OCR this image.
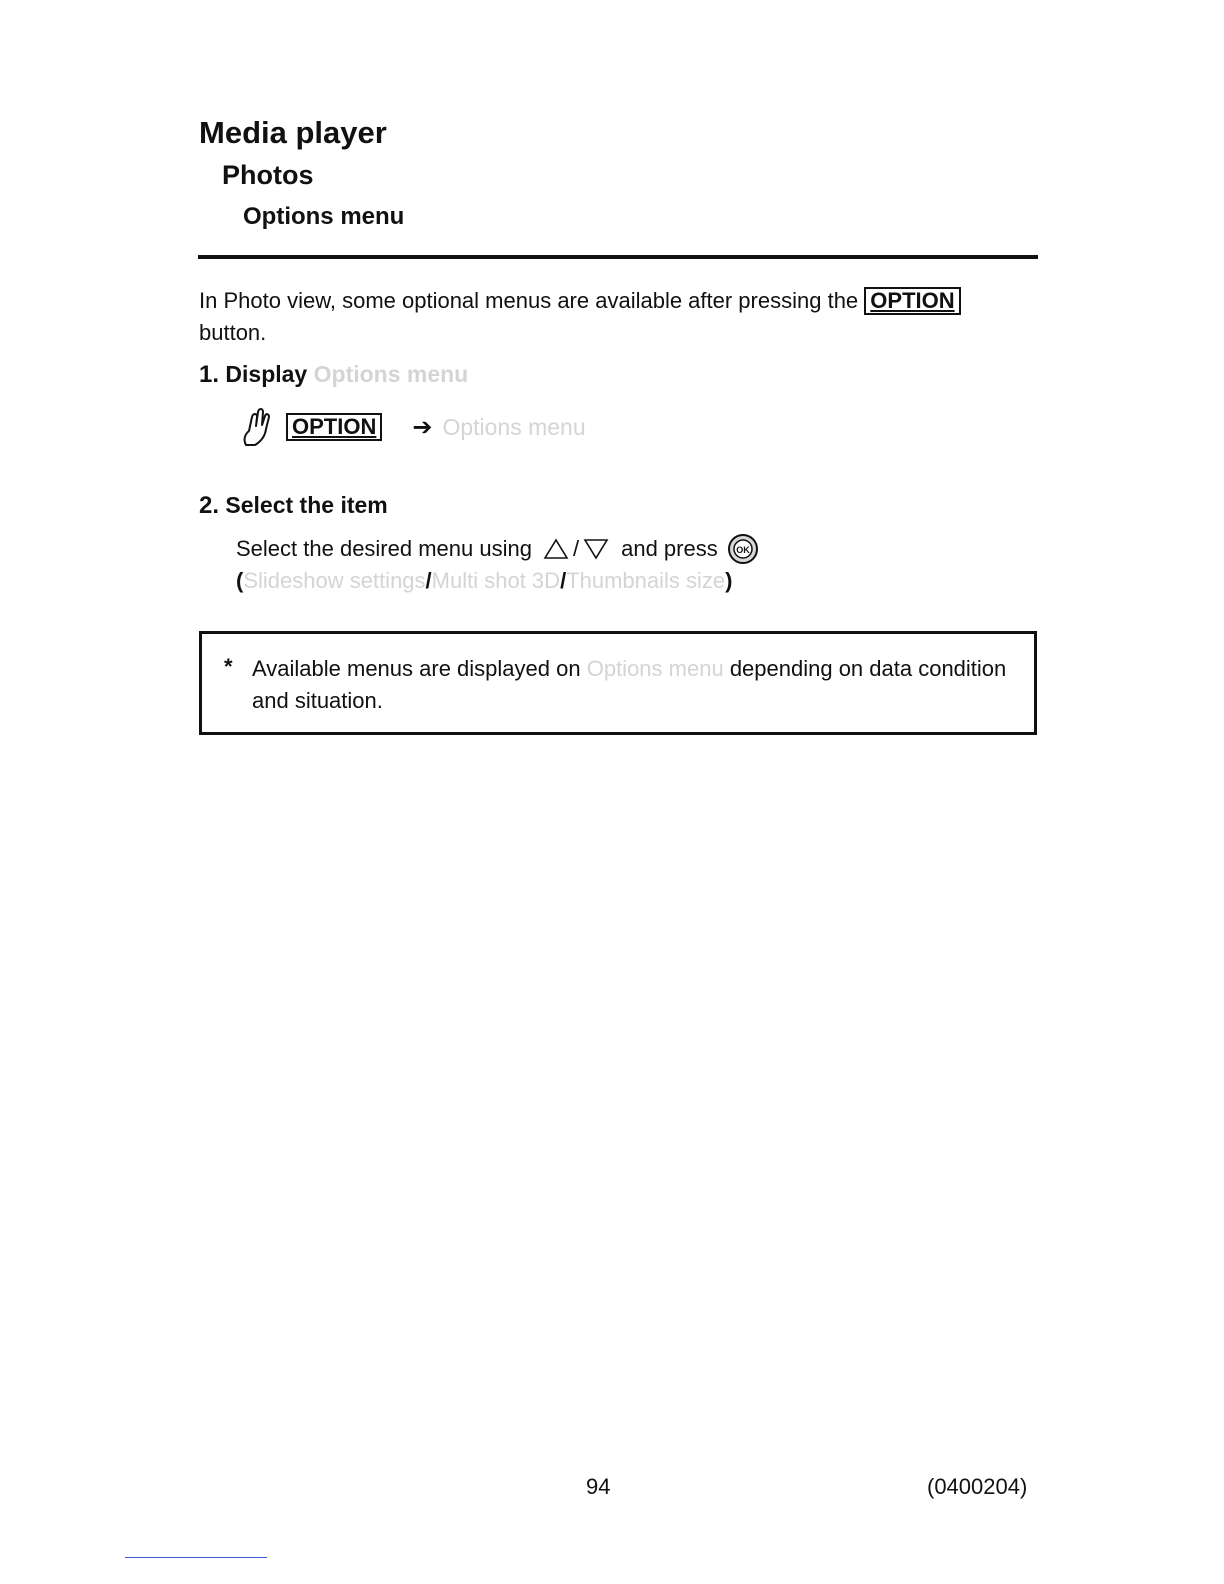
Media player
Photos
Options menu
In Photo view, some optional menus are available after pressing the OPTION
button.
1. Display Options menu
OPTION ➔ Options menu
2. Select the item
Select the desired menu using / and press OK
(Slideshow settings/Multi shot 3D/Thumbnails size)
* Available menus are displayed on Options menu depending on data condition and situation.
94	(0400204)
